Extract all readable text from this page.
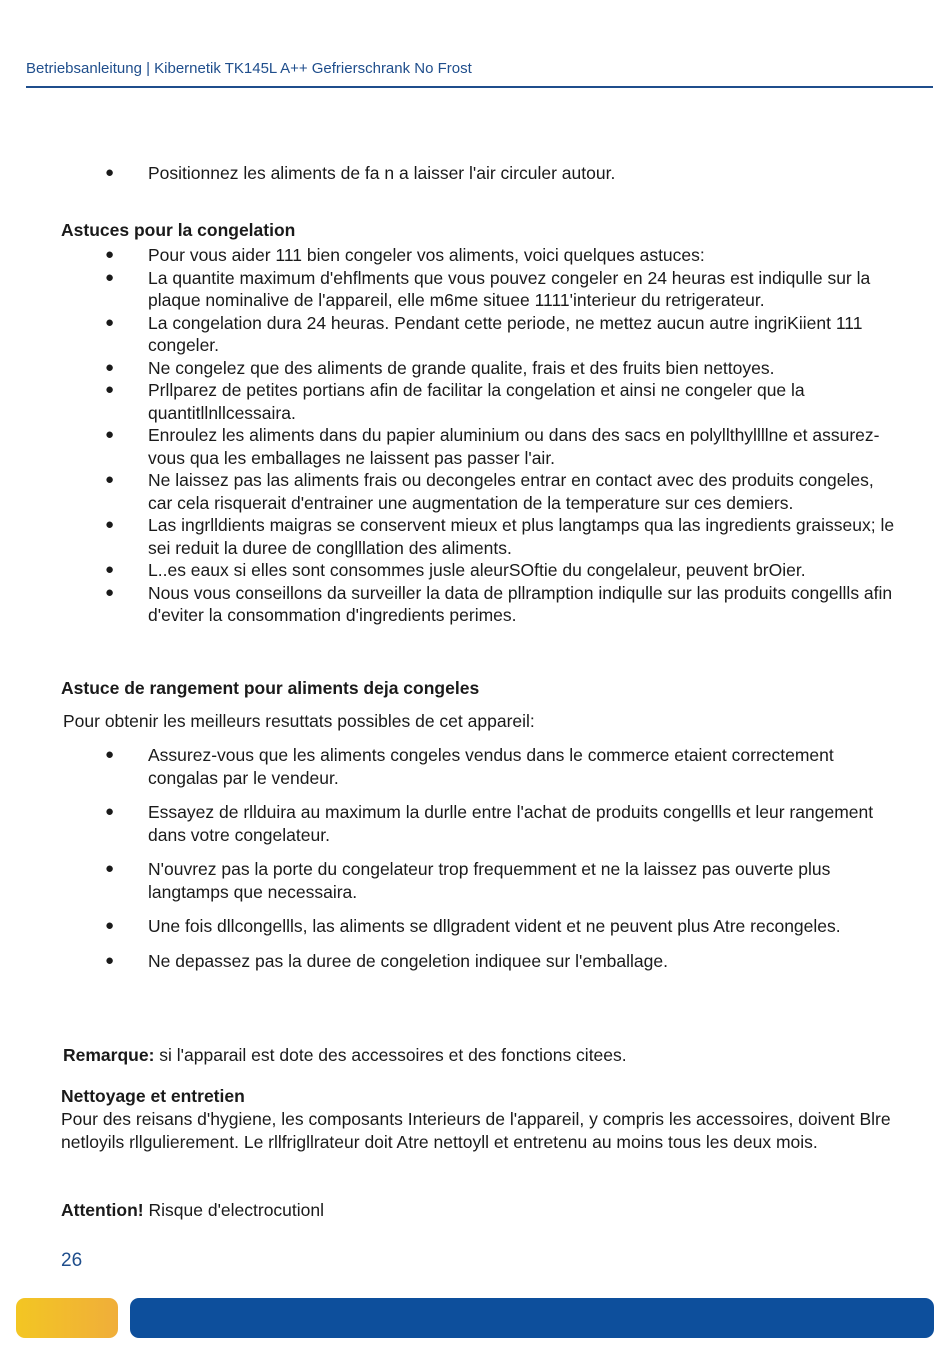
Betriebsanleitung | Kibernetik TK145L A++ Gefrierschrank No Frost
● Positionnez les aliments de fa n a laisser l'air circuler autour.
Astuces pour la congelation
● Pour vous aider 111 bien congeler vos aliments, voici quelques astuces:
● La quantite maximum d'ehflments que vous pouvez congeler en 24 heuras est indiqulle sur la plaque nominalive de l'appareil, elle m6me situee 1111'interieur du retrigerateur.
● La congelation dura 24 heuras. Pendant cette periode, ne mettez aucun autre ingriKiient 111 congeler.
● Ne congelez que des aliments de grande qualite, frais et des fruits bien nettoyes.
● Prllparez de petites portians afin de facilitar la congelation et ainsi ne congeler que la quantitllnllcessaira.
● Enroulez les aliments dans du papier aluminium ou dans des sacs en polyllthyllllne et assurez-vous qua les emballages ne laissent pas passer l'air.
● Ne laissez pas las aliments frais ou decongeles entrar en contact avec des produits congeles, car cela risquerait d'entrainer une augmentation de la temperature sur ces demiers.
● Las ingrlldients maigras se conservent mieux et plus langtamps qua las ingredients graisseux; le sei reduit la duree de conglllation des aliments.
● L..es eaux si elles sont consommes jusle aleurSOftie du congelaleur, peuvent brOier.
● Nous vous conseillons da surveiller la data de pllramption indiqulle sur las produits congellls afin d'eviter la consommation d'ingredients perimes.
Astuce de rangement pour aliments deja congeles
Pour obtenir les meilleurs resuttats possibles de cet appareil:
● Assurez-vous que les aliments congeles vendus dans le commerce etaient correctement congalas par le vendeur.
● Essayez de rllduira au maximum la durlle entre l'achat de produits congellls et leur rangement dans votre congelateur.
● N'ouvrez pas la porte du congelateur trop frequemment et ne la laissez pas ouverte plus langtamps que necessaira.
● Une fois dllcongellls, las aliments se dllgradent vident et ne peuvent plus Atre recongeles.
● Ne depassez pas la duree de congeletion indiquee sur l'emballage.
Remarque: si l'apparail est dote des accessoires et des fonctions citees.
Nettoyage et entretien
Pour des reisans d'hygiene, les composants Interieurs de l'appareil, y compris les accessoires, doivent Blre netloyils rllgulierement. Le rllfrigllrateur doit Atre nettoyll et entretenu au moins tous les deux mois.
Attention! Risque d'electrocutionl
26
